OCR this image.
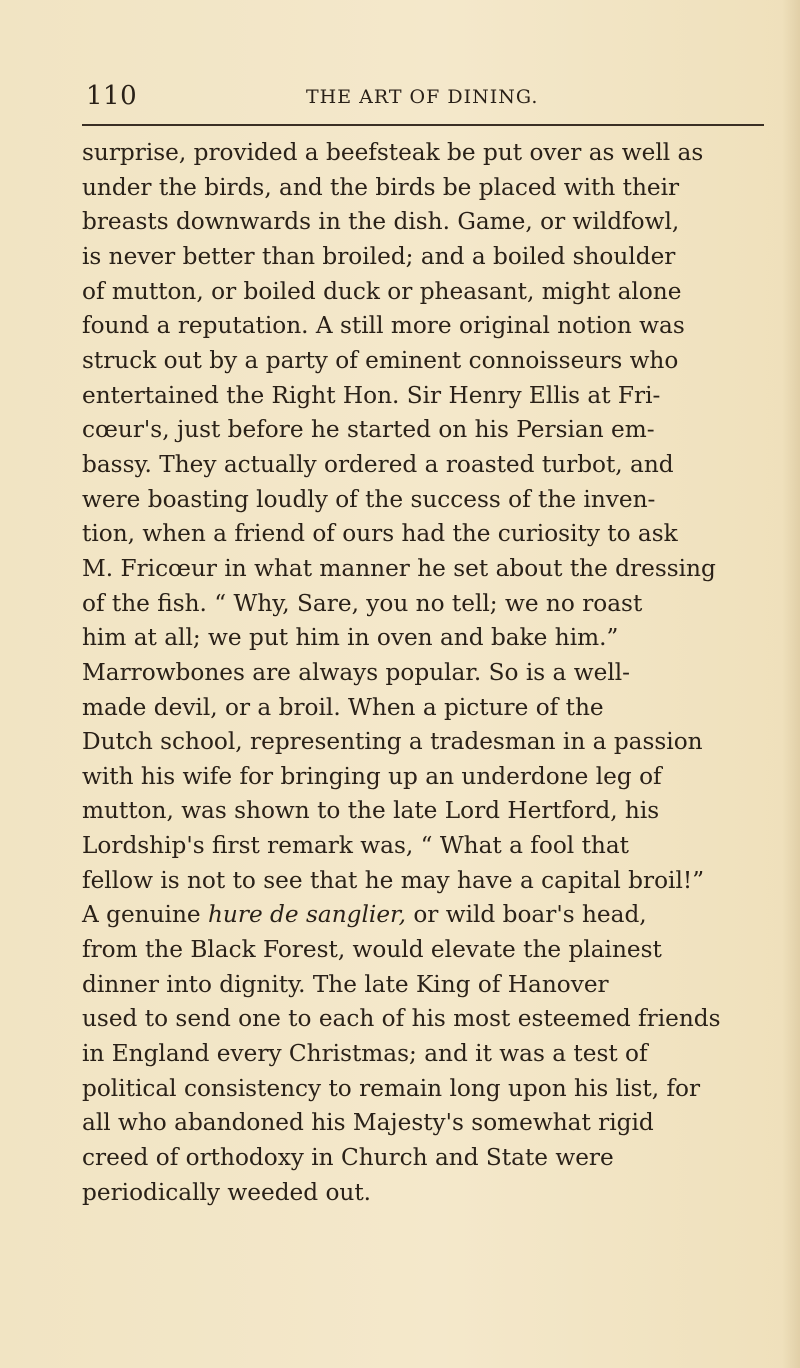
110	THE ART OF DINING.
surprise, provided a beefsteak be put over as well as
under the birds, and the birds be placed with their
breasts downwards in the dish. Game, or wildfowl,
is never better than broiled; and a boiled shoulder
of mutton, or boiled duck or pheasant, might alone
found a reputation. A still more original notion was
struck out by a party of eminent connoisseurs who
entertained the Right Hon. Sir Henry Ellis at Fri-
cœur's, just before he started on his Persian em-
bassy. They actually ordered a roasted turbot, and
were boasting loudly of the success of the inven-
tion, when a friend of ours had the curiosity to ask
M. Fricœur in what manner he set about the dressing
of the fish. “ Why, Sare, you no tell; we no roast
him at all; we put him in oven and bake him.”
Marrowbones are always popular. So is a well-
made devil, or a broil. When a picture of the
Dutch school, representing a tradesman in a passion
with his wife for bringing up an underdone leg of
mutton, was shown to the late Lord Hertford, his
Lordship's first remark was, “ What a fool that
fellow is not to see that he may have a capital broil!”
A genuine hure de sanglier, or wild boar's head,
from the Black Forest, would elevate the plainest
dinner into dignity. The late King of Hanover
used to send one to each of his most esteemed friends
in England every Christmas; and it was a test of
political consistency to remain long upon his list, for
all who abandoned his Majesty's somewhat rigid
creed of orthodoxy in Church and State were
periodically weeded out.
